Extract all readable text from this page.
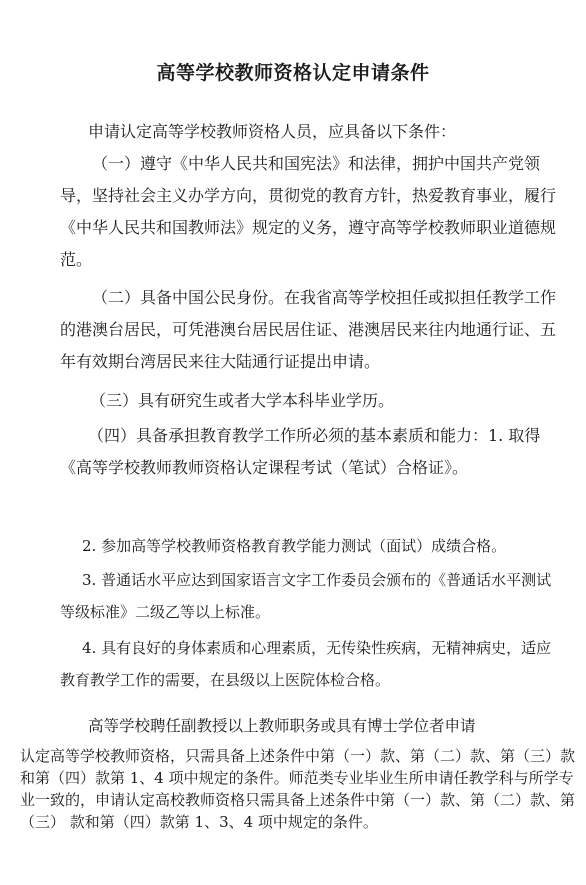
高等学校教师资格认定申请条件

申请认定高等学校教师资格人员，应具备以下条件：

（一）遵守《中华人民共和国宪法》和法律，拥护中国共产党领导，坚持社会主义办学方向，贯彻党的教育方针，热爱教育事业，履行《中华人民共和国教师法》规定的义务，遵守高等学校教师职业道德规范。

（二）具备中国公民身份。在我省高等学校担任或拟担任教学工作的港澳台居民，可凭港澳台居民居住证、港澳居民来往内地通行证、五年有效期台湾居民来往大陆通行证提出申请。

（三）具有研究生或者大学本科毕业学历。

（四）具备承担教育教学工作所必须的基本素质和能力：1. 取得《高等学校教师教师资格认定课程考试（笔试）合格证》。

2. 参加高等学校教师资格教育教学能力测试（面试）成绩合格。

3. 普通话水平应达到国家语言文字工作委员会颁布的《普通话水平测试等级标准》二级乙等以上标准。

4. 具有良好的身体素质和心理素质，无传染性疾病，无精神病史，适应教育教学工作的需要，在县级以上医院体检合格。

高等学校聘任副教授以上教师职务或具有博士学位者申请

认定高等学校教师资格，只需具备上述条件中第（一）款、第（二）款、第（三）款和第（四）款第 1、4 项中规定的条件。师范类专业毕业生所申请任教学科与所学专业一致的，申请认定高校教师资格只需具备上述条件中第（一）款、第（二）款、第（三） 款和第（四）款第 1、3、4 项中规定的条件。
